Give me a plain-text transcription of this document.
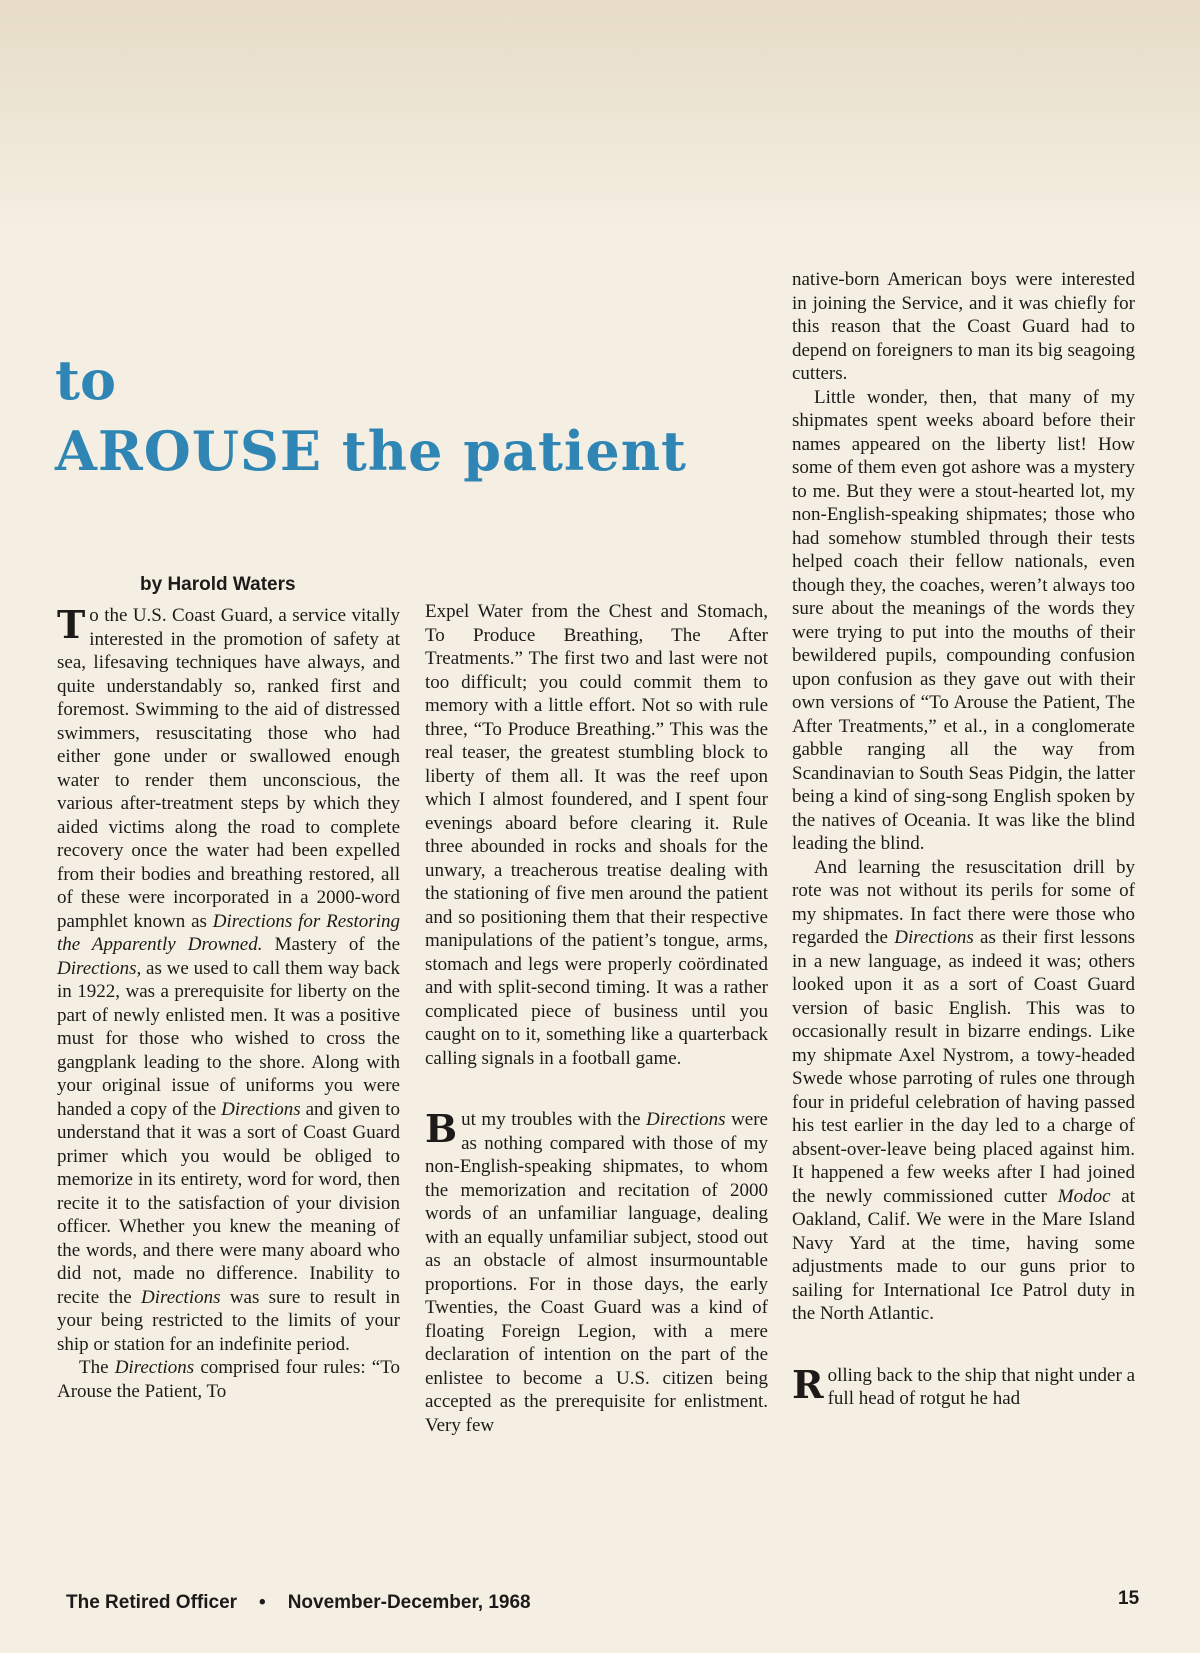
to
AROUSE the patient

by Harold Waters

To the U.S. Coast Guard, a service vitally interested in the promotion of safety at sea, lifesaving techniques have always, and quite understandably so, ranked first and foremost. Swimming to the aid of distressed swimmers, resuscitating those who had either gone under or swallowed enough water to render them unconscious, the various after-treatment steps by which they aided victims along the road to complete recovery once the water had been expelled from their bodies and breathing restored, all of these were incorporated in a 2000-word pamphlet known as Directions for Restoring the Apparently Drowned. Mastery of the Directions, as we used to call them way back in 1922, was a prerequisite for liberty on the part of newly enlisted men. It was a positive must for those who wished to cross the gangplank leading to the shore. Along with your original issue of uniforms you were handed a copy of the Directions and given to understand that it was a sort of Coast Guard primer which you would be obliged to memorize in its entirety, word for word, then recite it to the satisfaction of your division officer. Whether you knew the meaning of the words, and there were many aboard who did not, made no difference. Inability to recite the Directions was sure to result in your being restricted to the limits of your ship or station for an indefinite period.

The Directions comprised four rules: “To Arouse the Patient, To

Expel Water from the Chest and Stomach, To Produce Breathing, The After Treatments.” The first two and last were not too difficult; you could commit them to memory with a little effort. Not so with rule three, “To Produce Breathing.” This was the real teaser, the greatest stumbling block to liberty of them all. It was the reef upon which I almost foundered, and I spent four evenings aboard before clearing it. Rule three abounded in rocks and shoals for the unwary, a treacherous treatise dealing with the stationing of five men around the patient and so positioning them that their respective manipulations of the patient’s tongue, arms, stomach and legs were properly coördinated and with split-second timing. It was a rather complicated piece of business until you caught on to it, something like a quarterback calling signals in a football game.

But my troubles with the Directions were as nothing compared with those of my non-English-speaking shipmates, to whom the memorization and recitation of 2000 words of an unfamiliar language, dealing with an equally unfamiliar subject, stood out as an obstacle of almost insurmountable proportions. For in those days, the early Twenties, the Coast Guard was a kind of floating Foreign Legion, with a mere declaration of intention on the part of the enlistee to become a U.S. citizen being accepted as the prerequisite for enlistment. Very few

native-born American boys were interested in joining the Service, and it was chiefly for this reason that the Coast Guard had to depend on foreigners to man its big seagoing cutters.

Little wonder, then, that many of my shipmates spent weeks aboard before their names appeared on the liberty list! How some of them even got ashore was a mystery to me. But they were a stout-hearted lot, my non-English-speaking shipmates; those who had somehow stumbled through their tests helped coach their fellow nationals, even though they, the coaches, weren’t always too sure about the meanings of the words they were trying to put into the mouths of their bewildered pupils, compounding confusion upon confusion as they gave out with their own versions of “To Arouse the Patient, The After Treatments,” et al., in a conglomerate gabble ranging all the way from Scandinavian to South Seas Pidgin, the latter being a kind of sing-song English spoken by the natives of Oceania. It was like the blind leading the blind.

And learning the resuscitation drill by rote was not without its perils for some of my shipmates. In fact there were those who regarded the Directions as their first lessons in a new language, as indeed it was; others looked upon it as a sort of Coast Guard version of basic English. This was to occasionally result in bizarre endings. Like my shipmate Axel Nystrom, a towy-headed Swede whose parroting of rules one through four in prideful celebration of having passed his test earlier in the day led to a charge of absent-over-leave being placed against him. It happened a few weeks after I had joined the newly commissioned cutter Modoc at Oakland, Calif. We were in the Mare Island Navy Yard at the time, having some adjustments made to our guns prior to sailing for International Ice Patrol duty in the North Atlantic.

Rolling back to the ship that night under a full head of rotgut he had

The Retired Officer • November-December, 1968	15
